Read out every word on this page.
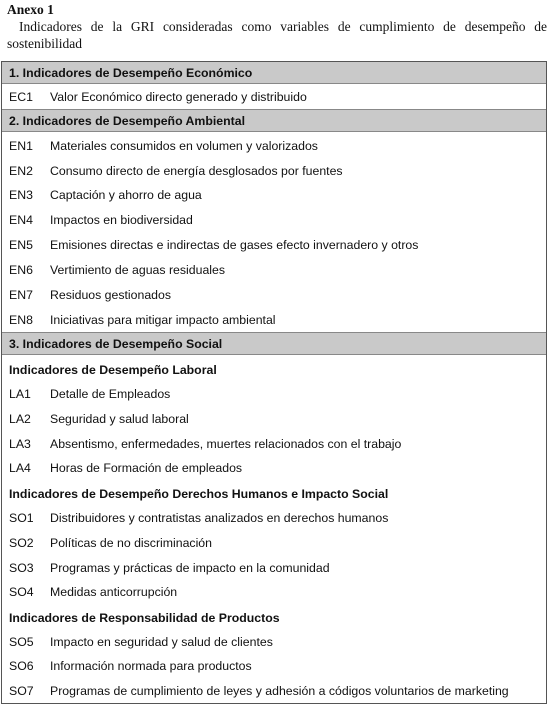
Anexo 1
Indicadores de la GRI consideradas como variables de cumplimiento de desempeño de sostenibilidad
1. Indicadores de Desempeño Económico
EC1	Valor Económico directo generado y distribuido
2. Indicadores de Desempeño Ambiental
EN1	Materiales consumidos en volumen y valorizados
EN2	Consumo directo de energía desglosados por fuentes
EN3	Captación y ahorro de agua
EN4	Impactos en biodiversidad
EN5	Emisiones directas e indirectas de gases efecto invernadero y otros
EN6	Vertimiento de aguas residuales
EN7	Residuos gestionados
EN8	Iniciativas para mitigar impacto ambiental
3. Indicadores de Desempeño Social
Indicadores de Desempeño Laboral
LA1	Detalle de Empleados
LA2	Seguridad y salud laboral
LA3	Absentismo, enfermedades, muertes relacionados con el trabajo
LA4	Horas de Formación de empleados
Indicadores de Desempeño Derechos Humanos e Impacto Social
SO1	Distribuidores y contratistas analizados en derechos humanos
SO2	Políticas de no discriminación
SO3	Programas y prácticas de impacto en la comunidad
SO4	Medidas anticorrupción
Indicadores de Responsabilidad de Productos
SO5	Impacto en seguridad y salud de clientes
SO6	Información normada para productos
SO7	Programas de cumplimiento de leyes y adhesión a códigos voluntarios de marketing
